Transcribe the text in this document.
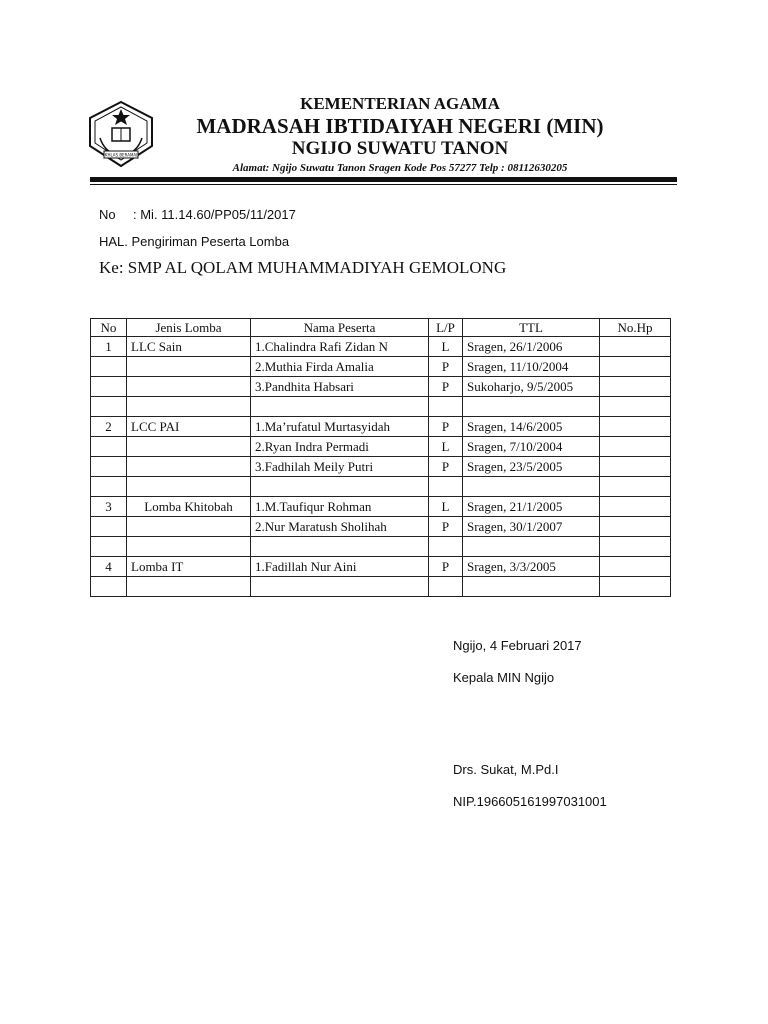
IKHLAS BERAMAL
KEMENTERIAN AGAMA
MADRASAH IBTIDAIYAH NEGERI (MIN)
NGIJO SUWATU TANON
Alamat: Ngijo Suwatu Tanon Sragen Kode Pos 57277 Telp : 08112630205
No : Mi. 11.14.60/PP05/11/2017
HAL. Pengiriman Peserta Lomba
Ke: SMP AL QOLAM MUHAMMADIYAH GEMOLONG
No	Jenis Lomba	Nama Peserta	L/P	TTL	No.Hp
1	LLC Sain	1.Chalindra Rafi Zidan N	L	Sragen, 26/1/2006	
		2.Muthia Firda Amalia	P	Sragen, 11/10/2004	
		3.Pandhita Habsari	P	Sukoharjo, 9/5/2005	

2	LCC PAI	1.Ma’rufatul Murtasyidah	P	Sragen, 14/6/2005	
		2.Ryan Indra Permadi	L	Sragen, 7/10/2004	
		3.Fadhilah Meily Putri	P	Sragen, 23/5/2005	

3	Lomba Khitobah	1.M.Taufiqur Rohman	L	Sragen, 21/1/2005	
		2.Nur Maratush Sholihah	P	Sragen, 30/1/2007	

4	Lomba IT	1.Fadillah Nur Aini	P	Sragen, 3/3/2005	

Ngijo, 4 Februari 2017
Kepala MIN Ngijo
Drs. Sukat, M.Pd.I
NIP.196605161997031001
